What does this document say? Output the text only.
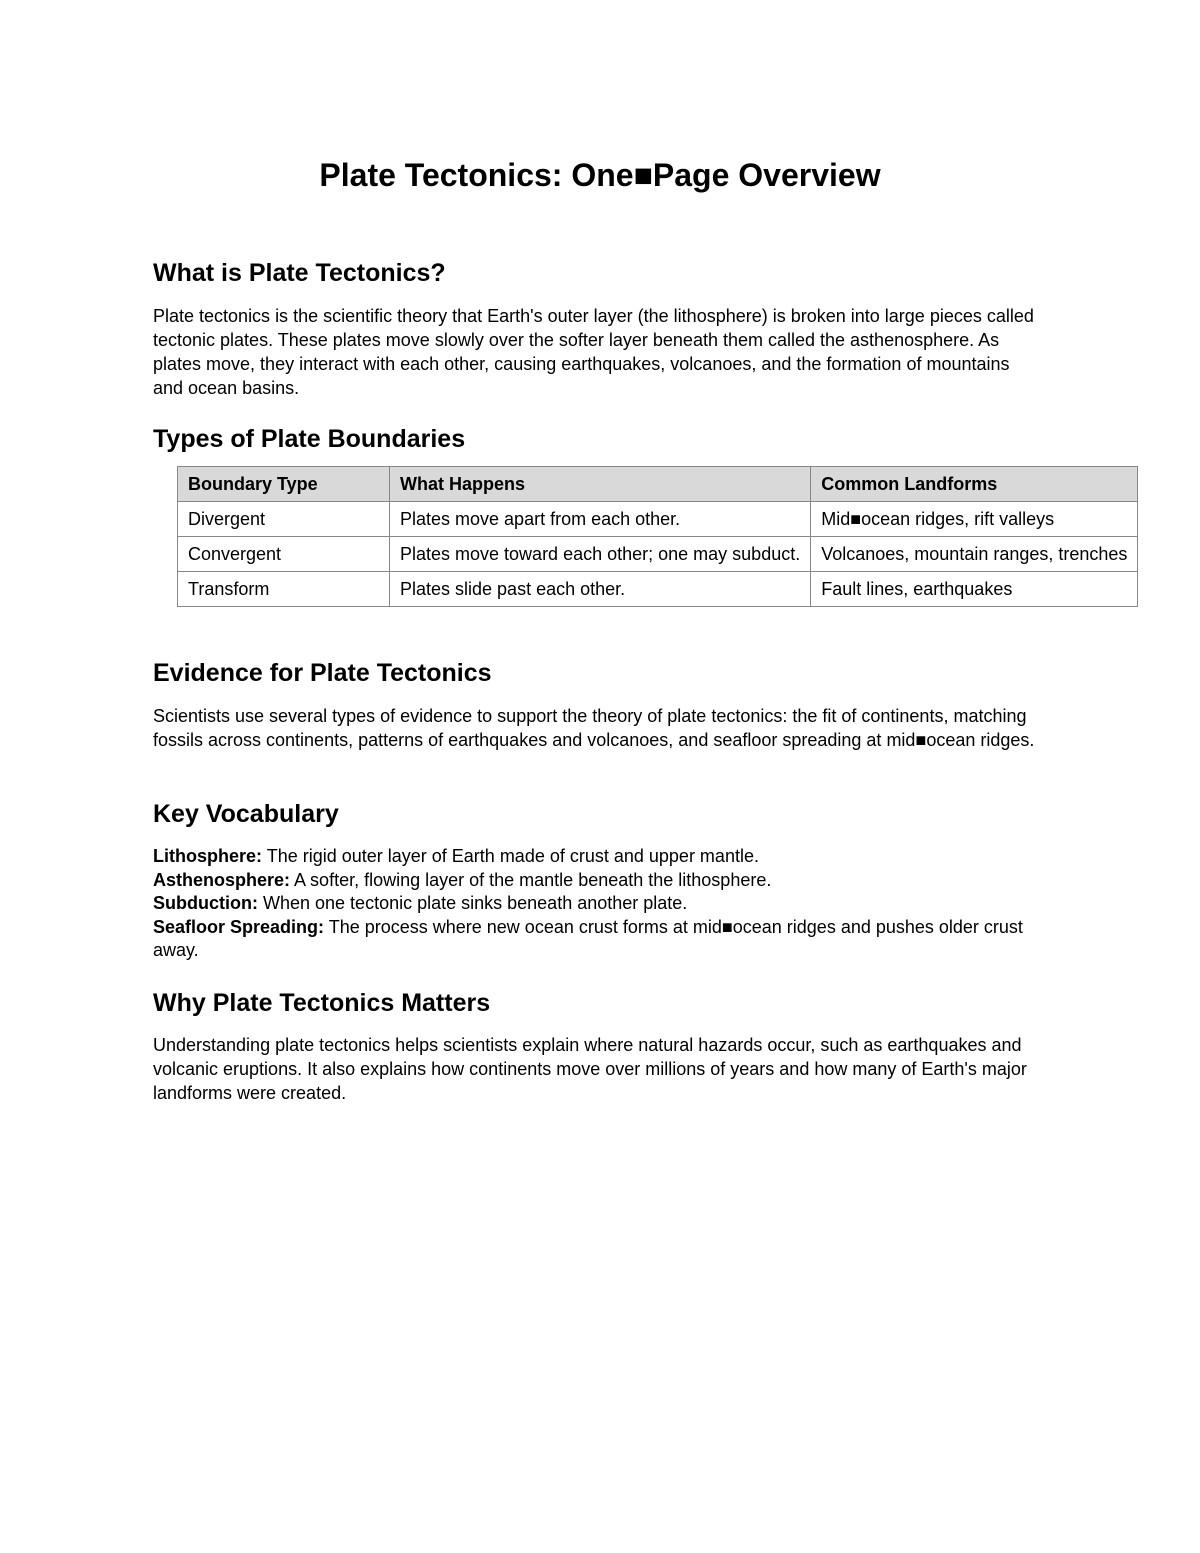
Plate Tectonics: One■Page Overview
What is Plate Tectonics?

Plate tectonics is the scientific theory that Earth's outer layer (the lithosphere) is broken into large pieces called tectonic plates. These plates move slowly over the softer layer beneath them called the asthenosphere. As plates move, they interact with each other, causing earthquakes, volcanoes, and the formation of mountains and ocean basins.

Types of Plate Boundaries
Boundary Type	What Happens	Common Landforms
Divergent	Plates move apart from each other.	Mid■ocean ridges, rift valleys
Convergent	Plates move toward each other; one may subduct.	Volcanoes, mountain ranges, trenches
Transform	Plates slide past each other.	Fault lines, earthquakes
Evidence for Plate Tectonics

Scientists use several types of evidence to support the theory of plate tectonics: the fit of continents, matching fossils across continents, patterns of earthquakes and volcanoes, and seafloor spreading at mid■ocean ridges.

Key Vocabulary
Lithosphere: The rigid outer layer of Earth made of crust and upper mantle.
Asthenosphere: A softer, flowing layer of the mantle beneath the lithosphere.
Subduction: When one tectonic plate sinks beneath another plate.
Seafloor Spreading: The process where new ocean crust forms at mid■ocean ridges and pushes older crust away.
Why Plate Tectonics Matters

Understanding plate tectonics helps scientists explain where natural hazards occur, such as earthquakes and volcanic eruptions. It also explains how continents move over millions of years and how many of Earth's major landforms were created.
